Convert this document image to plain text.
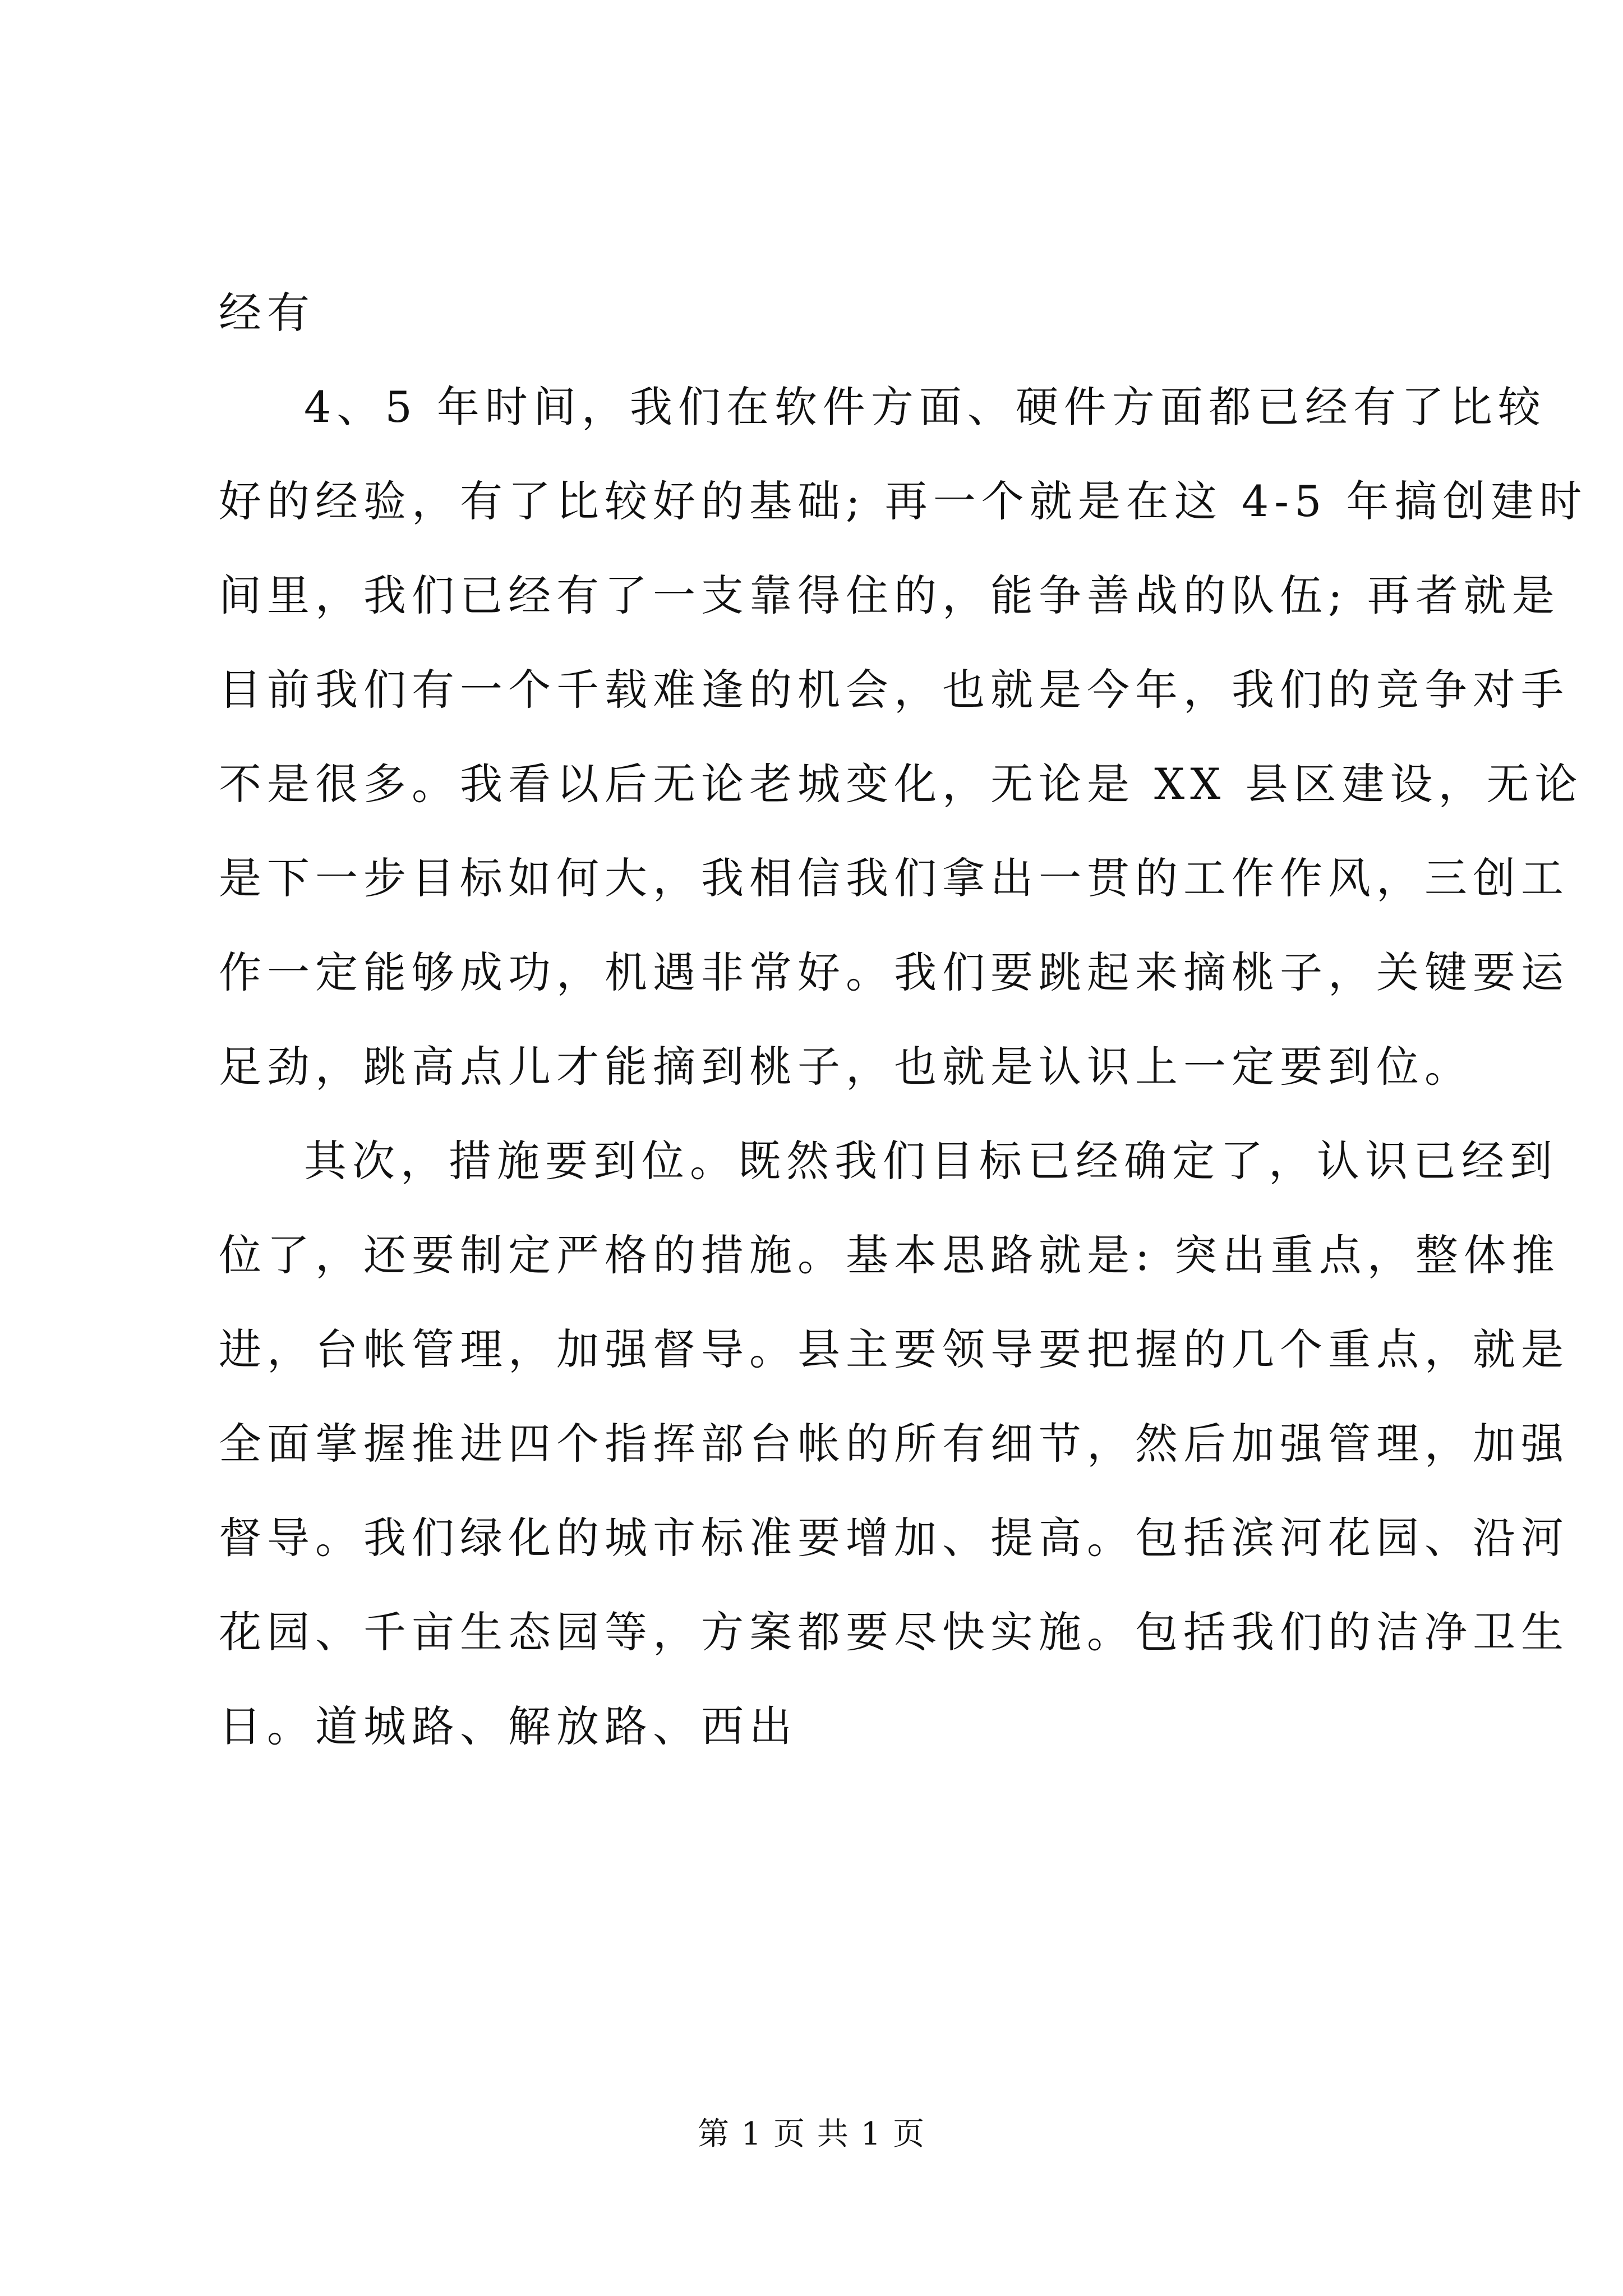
经有
4、5 年时间，我们在软件方面、硬件方面都已经有了比较
好的经验，有了比较好的基础; 再一个就是在这 4-5 年搞创建时
间里，我们已经有了一支靠得住的，能争善战的队伍; 再者就是
目前我们有一个千载难逢的机会，也就是今年，我们的竞争对手
不是很多。我看以后无论老城变化，无论是 XX 县区建设，无论
是下一步目标如何大，我相信我们拿出一贯的工作作风，三创工
作一定能够成功，机遇非常好。我们要跳起来摘桃子，关键要运
足劲，跳高点儿才能摘到桃子，也就是认识上一定要到位。
其次，措施要到位。既然我们目标已经确定了，认识已经到
位了，还要制定严格的措施。基本思路就是: 突出重点，整体推
进，台帐管理，加强督导。县主要领导要把握的几个重点，就是
全面掌握推进四个指挥部台帐的所有细节，然后加强管理，加强
督导。我们绿化的城市标准要增加、提高。包括滨河花园、沿河
花园、千亩生态园等，方案都要尽快实施。包括我们的洁净卫生
日。道城路、解放路、西出
第 1 页 共 1 页
